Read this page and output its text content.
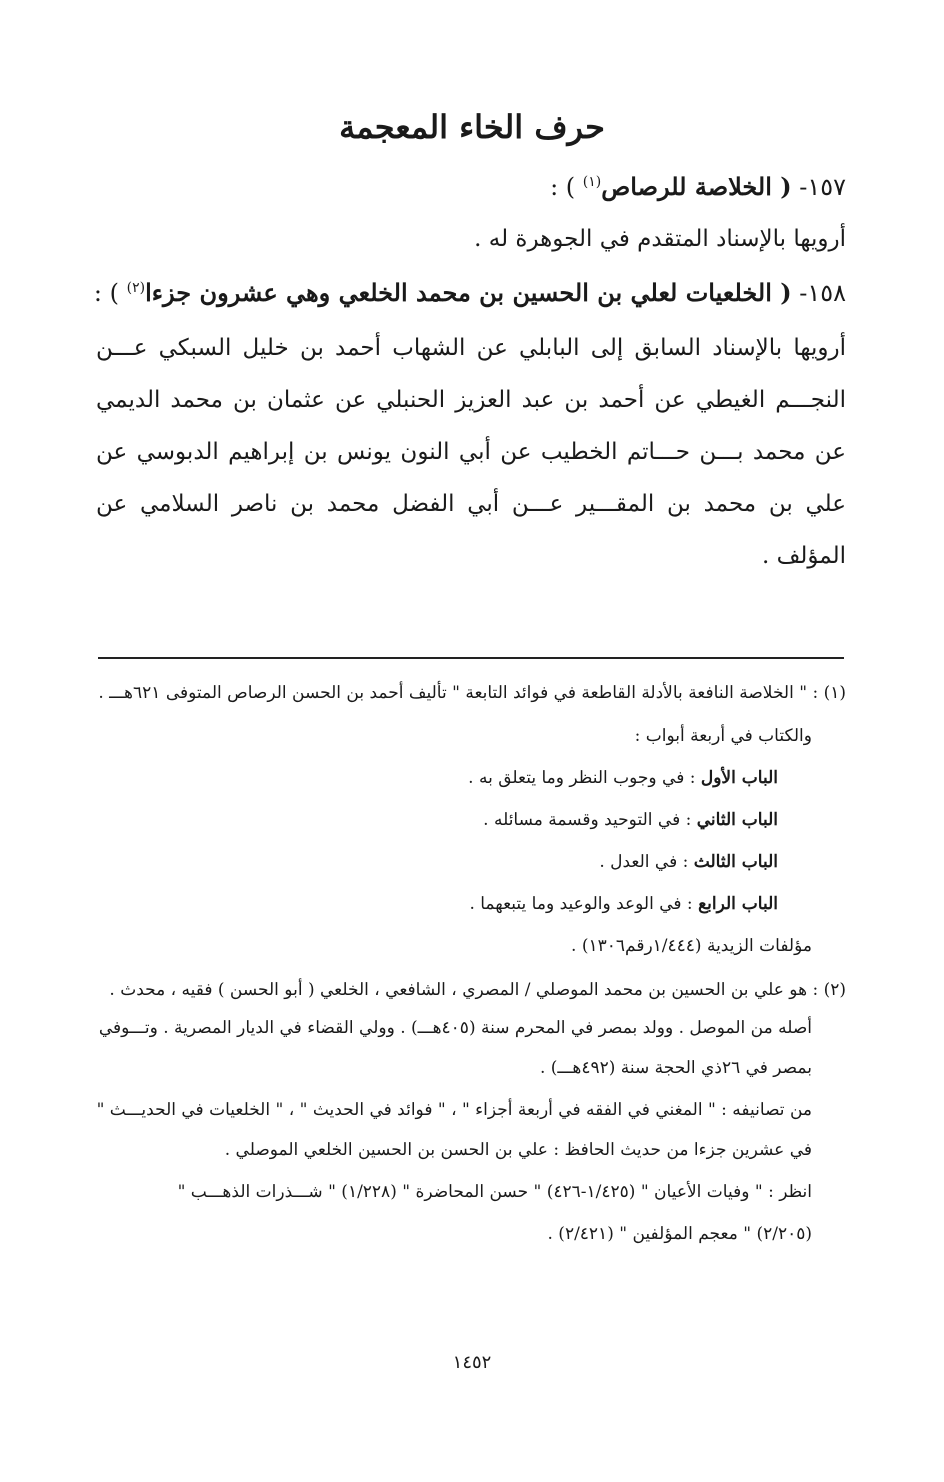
حرف الخاء المعجمة
١٥٧- ( الخلاصة للرصاص$^{(١)}$ ) :
أرويها بالإسناد المتقدم في الجوهرة له .
١٥٨- ( الخلعيات لعلي بن الحسين بن محمد الخلعي وهي عشرون جزءا$^{(٢)}$ ) :
أرويها بالإسناد السابق إلى البابلي عن الشهاب أحمد بن خليل السبكي عـــن النجـــم الغيطي عن أحمد بن عبد العزيز الحنبلي عن عثمان بن محمد الديمي عن محمد بـــن حـــاتم الخطيب عن أبي النون يونس بن إبراهيم الدبوسي عن علي بن محمد بن المقـــير عـــن أبي الفضل محمد بن ناصر السلامي عن المؤلف .
(١) : " الخلاصة النافعة بالأدلة القاطعة في فوائد التابعة " تأليف أحمد بن الحسن الرصاص المتوفى ٦٢١هـــ .
والكتاب في أربعة أبواب :
الباب الأول : في وجوب النظر وما يتعلق به .
الباب الثاني : في التوحيد وقسمة مسائله .
الباب الثالث : في العدل .
الباب الرابع : في الوعد والوعيد وما يتبعهما .
مؤلفات الزيدية (١/٤٤٤رقم١٣٠٦) .
(٢) : هو علي بن الحسين بن محمد الموصلي / المصري ، الشافعي ، الخلعي ( أبو الحسن ) فقيه ، محدث .
أصله من الموصل . وولد بمصر في المحرم سنة (٤٠٥هـــ) . وولي القضاء في الديار المصرية . وتـــوفي
بمصر في ٢٦ذي الحجة سنة (٤٩٢هـــ) .
من تصانيفه : " المغني في الفقه في أربعة أجزاء " ، " فوائد في الحديث " ، " الخلعيات في الحديـــث "
في عشرين جزءا من حديث الحافظ : علي بن الحسن بن الحسين الخلعي الموصلي .
انظر : " وفيات الأعيان " (١/٤٢٥-٤٢٦) " حسن المحاضرة " (١/٢٢٨) " شـــذرات الذهـــب "
(٢/٢٠٥) " معجم المؤلفين " (٢/٤٢١) .
١٤٥٢
